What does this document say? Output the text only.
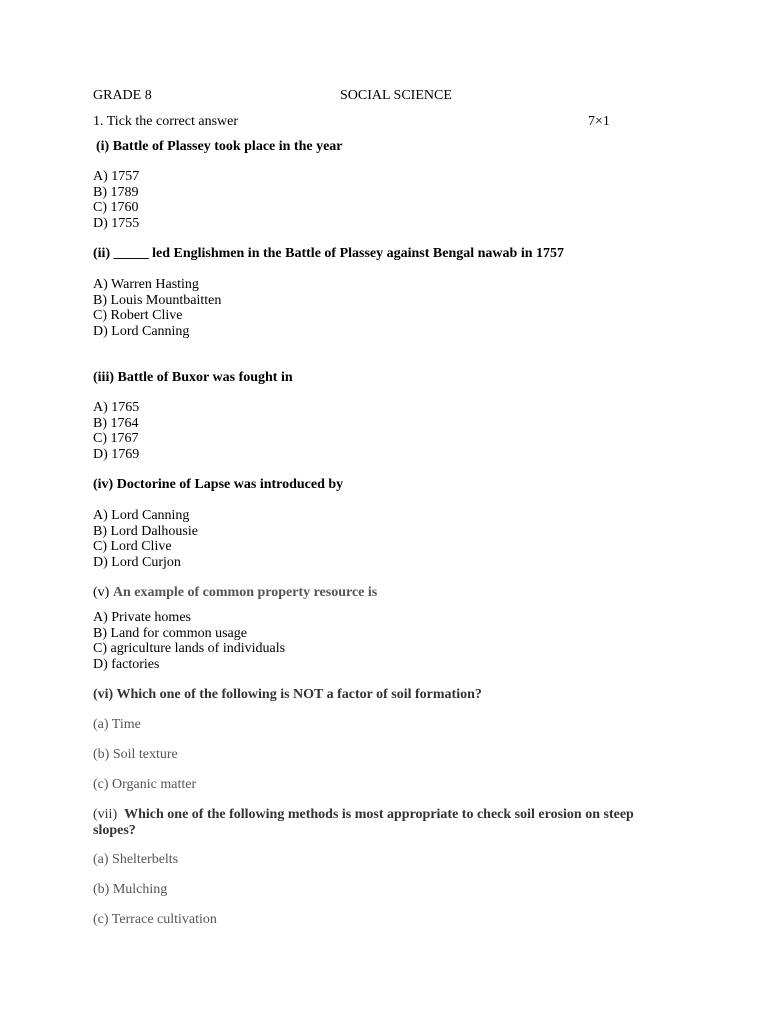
GRADE 8	SOCIAL SCIENCE
1. Tick the correct answer	7×1
(i) Battle of Plassey took place in the year
A) 1757
B) 1789
C) 1760
D) 1755
(ii) _____ led Englishmen in the Battle of Plassey against Bengal nawab in 1757
A) Warren Hasting
B) Louis Mountbaitten
C) Robert Clive
D) Lord Canning
(iii) Battle of Buxor was fought in
A) 1765
B) 1764
C) 1767
D) 1769
(iv) Doctorine of Lapse was introduced by
A) Lord Canning
B) Lord Dalhousie
C) Lord Clive
D) Lord Curjon
(v) An example of common property resource is
A) Private homes
B) Land for common usage
C) agriculture lands of individuals
D) factories
(vi) Which one of the following is NOT a factor of soil formation?
(a) Time
(b) Soil texture
(c) Organic matter
(vii) Which one of the following methods is most appropriate to check soil erosion on steep
slopes?
(a) Shelterbelts
(b) Mulching
(c) Terrace cultivation
